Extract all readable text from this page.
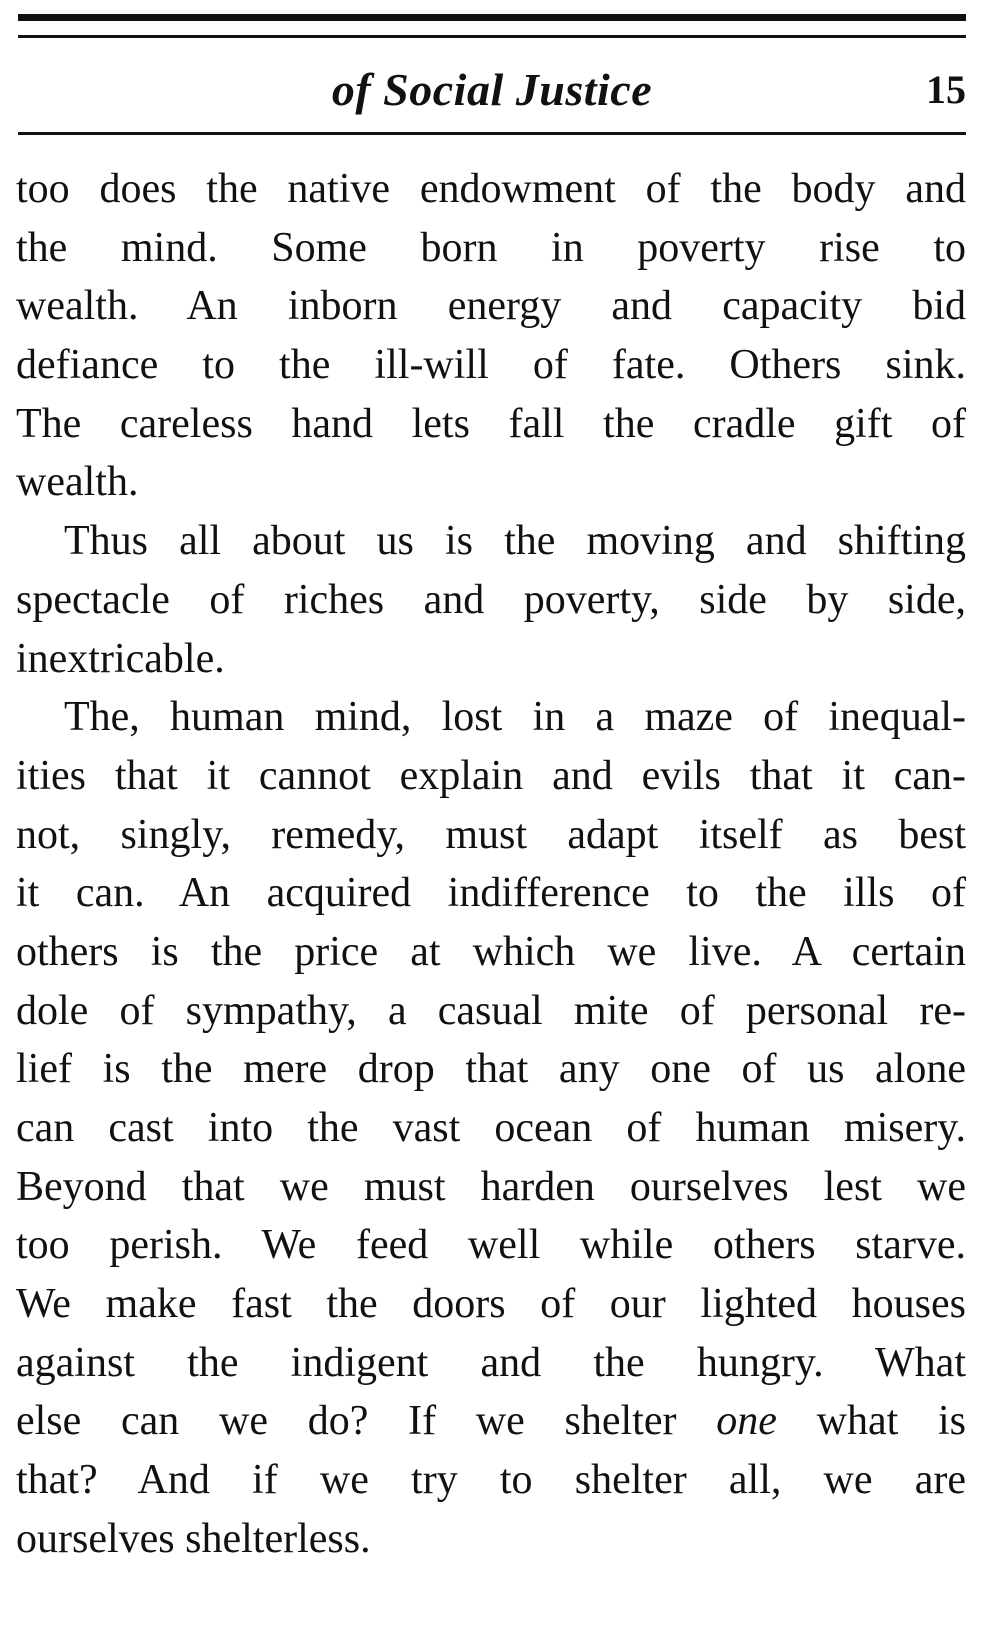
of Social Justice	15
too does the native endowment of the body and
the mind. Some born in poverty rise to
wealth. An inborn energy and capacity bid
defiance to the ill-will of fate. Others sink.
The careless hand lets fall the cradle gift of
wealth.
Thus all about us is the moving and shifting
spectacle of riches and poverty, side by side,
inextricable.
The, human mind, lost in a maze of inequal-
ities that it cannot explain and evils that it can-
not, singly, remedy, must adapt itself as best
it can. An acquired indifference to the ills of
others is the price at which we live. A certain
dole of sympathy, a casual mite of personal re-
lief is the mere drop that any one of us alone
can cast into the vast ocean of human misery.
Beyond that we must harden ourselves lest we
too perish. We feed well while others starve.
We make fast the doors of our lighted houses
against the indigent and the hungry. What
else can we do? If we shelter one what is
that? And if we try to shelter all, we are
ourselves shelterless.
